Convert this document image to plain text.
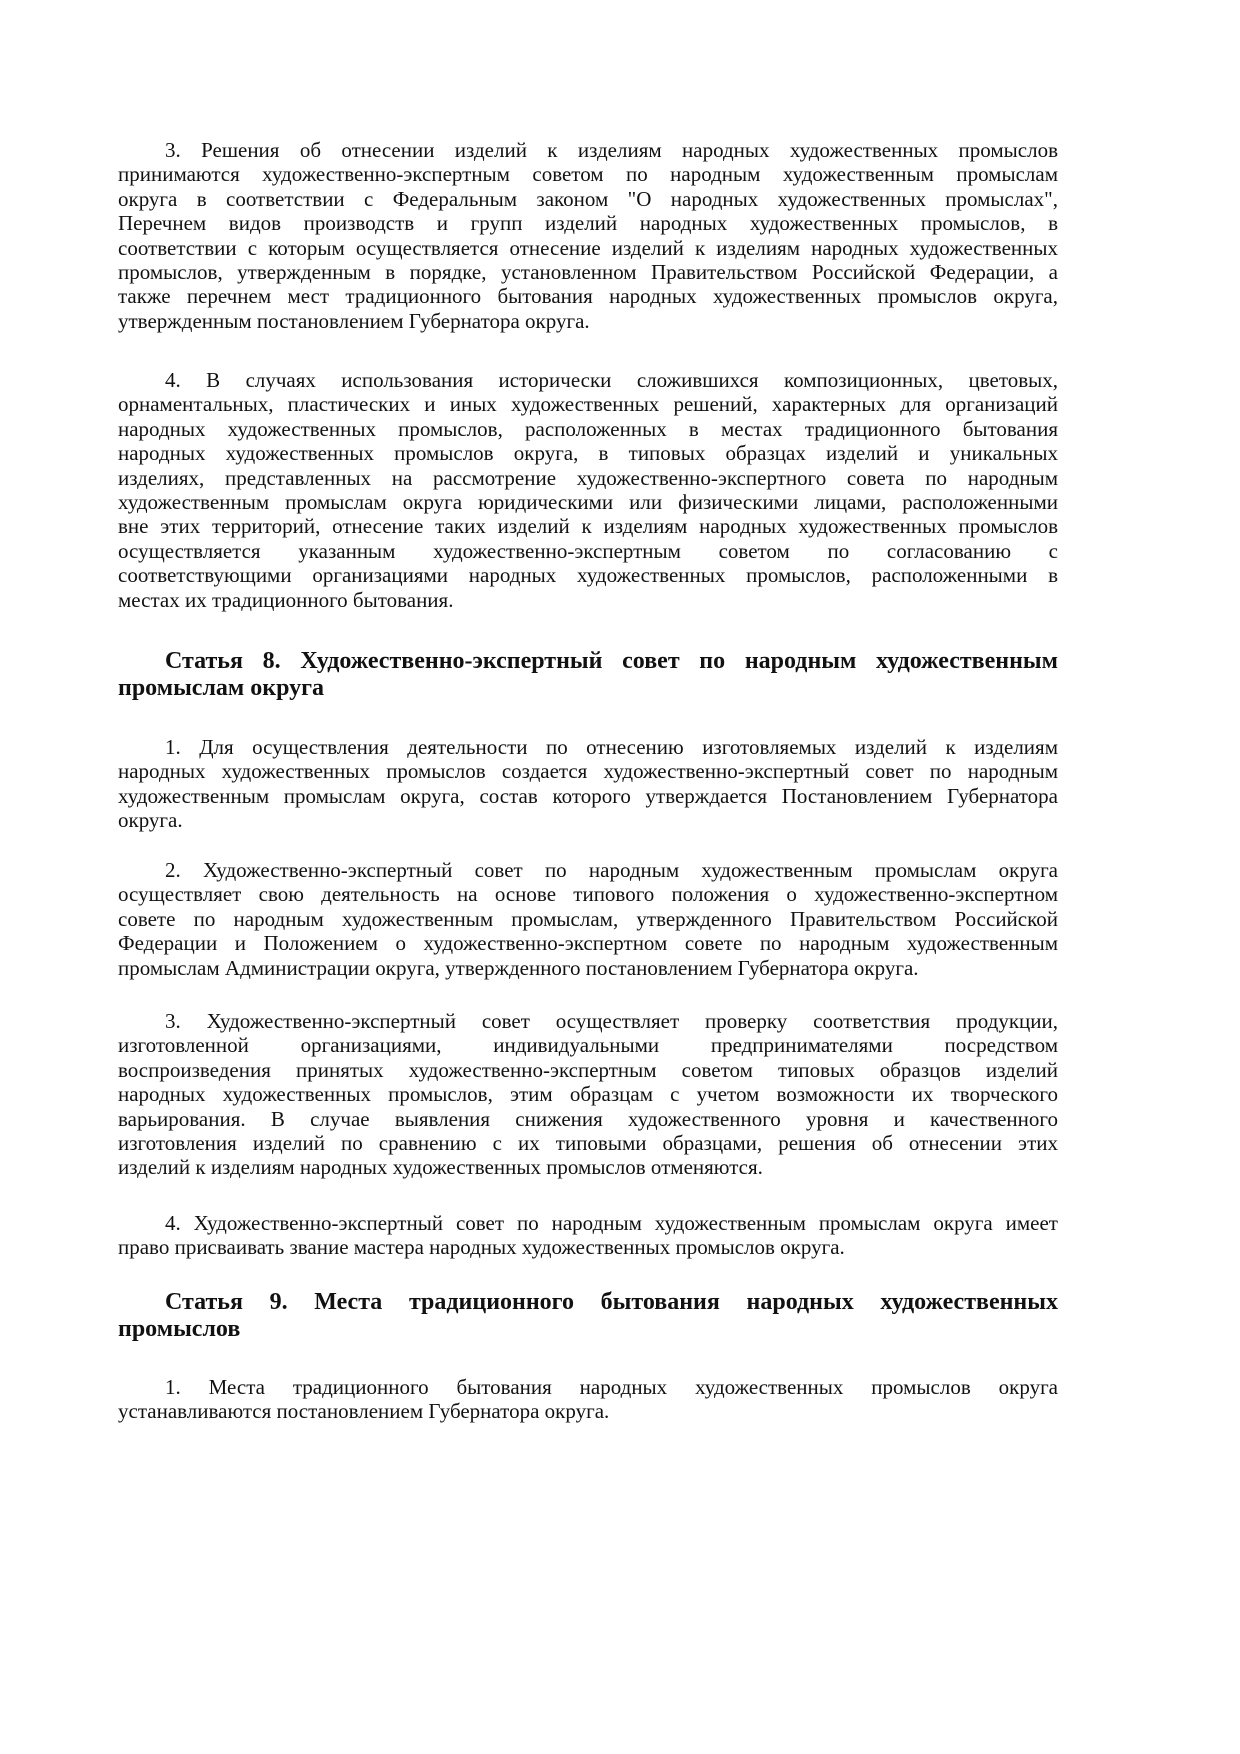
3. Решения об отнесении изделий к изделиям народных художественных промыслов
принимаются художественно-экспертным советом по народным художественным промыслам
округа в соответствии с Федеральным законом "О народных художественных промыслах",
Перечнем видов производств и групп изделий народных художественных промыслов, в
соответствии с которым осуществляется отнесение изделий к изделиям народных художественных
промыслов, утвержденным в порядке, установленном Правительством Российской Федерации, а
также перечнем мест традиционного бытования народных художественных промыслов округа,
утвержденным постановлением Губернатора округа.
4. В случаях использования исторически сложившихся композиционных, цветовых,
орнаментальных, пластических и иных художественных решений, характерных для организаций
народных художественных промыслов, расположенных в местах традиционного бытования
народных художественных промыслов округа, в типовых образцах изделий и уникальных
изделиях, представленных на рассмотрение художественно-экспертного совета по народным
художественным промыслам округа юридическими или физическими лицами, расположенными
вне этих территорий, отнесение таких изделий к изделиям народных художественных промыслов
осуществляется указанным художественно-экспертным советом по согласованию с
соответствующими организациями народных художественных промыслов, расположенными в
местах их традиционного бытования.
Статья 8. Художественно-экспертный совет по народным художественным
промыслам округа
1. Для осуществления деятельности по отнесению изготовляемых изделий к изделиям
народных художественных промыслов создается художественно-экспертный совет по народным
художественным промыслам округа, состав которого утверждается Постановлением Губернатора
округа.
2. Художественно-экспертный совет по народным художественным промыслам округа
осуществляет свою деятельность на основе типового положения о художественно-экспертном
совете по народным художественным промыслам, утвержденного Правительством Российской
Федерации и Положением о художественно-экспертном совете по народным художественным
промыслам Администрации округа, утвержденного постановлением Губернатора округа.
3. Художественно-экспертный совет осуществляет проверку соответствия продукции,
изготовленной организациями, индивидуальными предпринимателями посредством
воспроизведения принятых художественно-экспертным советом типовых образцов изделий
народных художественных промыслов, этим образцам с учетом возможности их творческого
варьирования. В случае выявления снижения художественного уровня и качественного
изготовления изделий по сравнению с их типовыми образцами, решения об отнесении этих
изделий к изделиям народных художественных промыслов отменяются.
4. Художественно-экспертный совет по народным художественным промыслам округа имеет
право присваивать звание мастера народных художественных промыслов округа.
Статья 9. Места традиционного бытования народных художественных
промыслов
1. Места традиционного бытования народных художественных промыслов округа
устанавливаются постановлением Губернатора округа.
